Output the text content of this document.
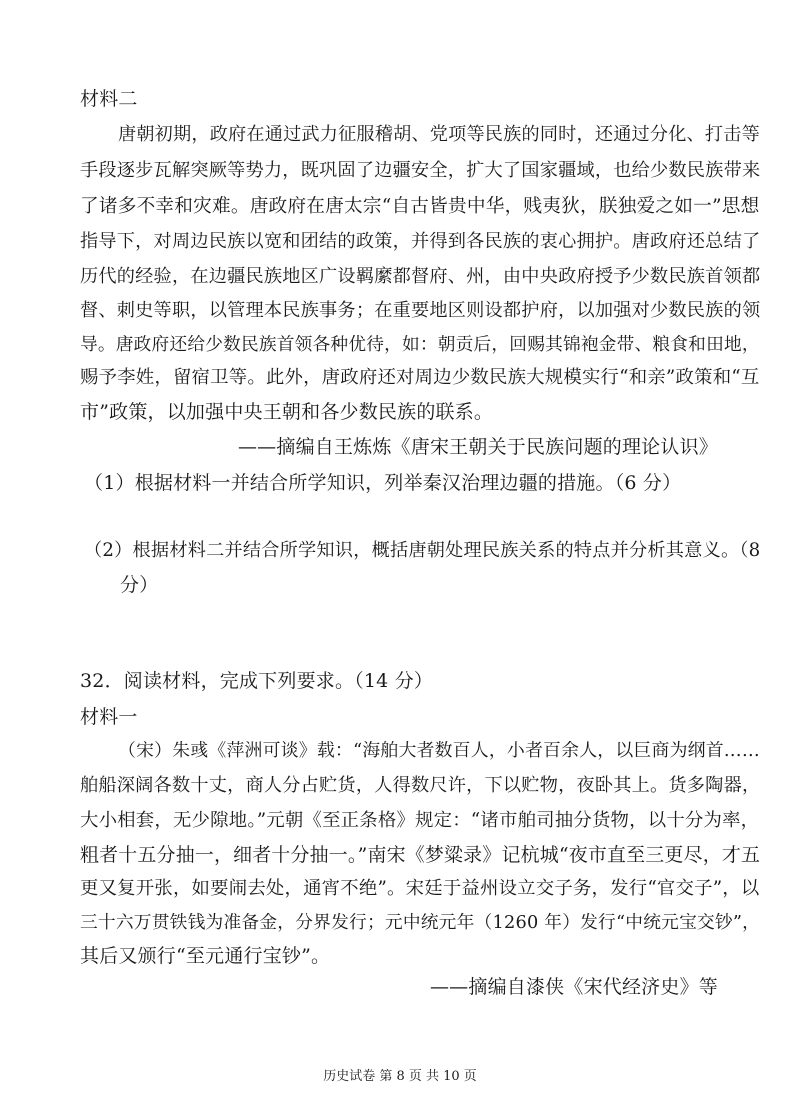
材料二
唐朝初期，政府在通过武力征服稽胡、党项等民族的同时，还通过分化、打击等
手段逐步瓦解突厥等势力，既巩固了边疆安全，扩大了国家疆域，也给少数民族带来
了诸多不幸和灾难。唐政府在唐太宗“自古皆贵中华，贱夷狄，朕独爱之如一”思想
指导下，对周边民族以宽和团结的政策，并得到各民族的衷心拥护。唐政府还总结了
历代的经验，在边疆民族地区广设羁縻都督府、州，由中央政府授予少数民族首领都
督、刺史等职，以管理本民族事务；在重要地区则设都护府，以加强对少数民族的领
导。唐政府还给少数民族首领各种优待，如：朝贡后，回赐其锦袍金带、粮食和田地，
赐予李姓，留宿卫等。此外，唐政府还对周边少数民族大规模实行“和亲”政策和“互
市”政策，以加强中央王朝和各少数民族的联系。
——摘编自王炼炼《唐宋王朝关于民族问题的理论认识》
（1）根据材料一并结合所学知识，列举秦汉治理边疆的措施。（6 分）
（2）根据材料二并结合所学知识，概括唐朝处理民族关系的特点并分析其意义。（8
分）
32．阅读材料，完成下列要求。（14 分）
材料一
（宋）朱彧《萍洲可谈》载：“海舶大者数百人，小者百余人，以巨商为纲首……
舶船深阔各数十丈，商人分占贮货，人得数尺许，下以贮物，夜卧其上。货多陶器，
大小相套，无少隙地。”元朝《至正条格》规定：“诸市舶司抽分货物，以十分为率，
粗者十五分抽一，细者十分抽一。”南宋《梦粱录》记杭城“夜市直至三更尽，才五
更又复开张，如要闹去处，通宵不绝”。宋廷于益州设立交子务，发行“官交子”，以
三十六万贯铁钱为准备金，分界发行；元中统元年（1260 年）发行“中统元宝交钞”，
其后又颁行“至元通行宝钞”。
——摘编自漆侠《宋代经济史》等
历史试卷 第 8 页 共 10 页
